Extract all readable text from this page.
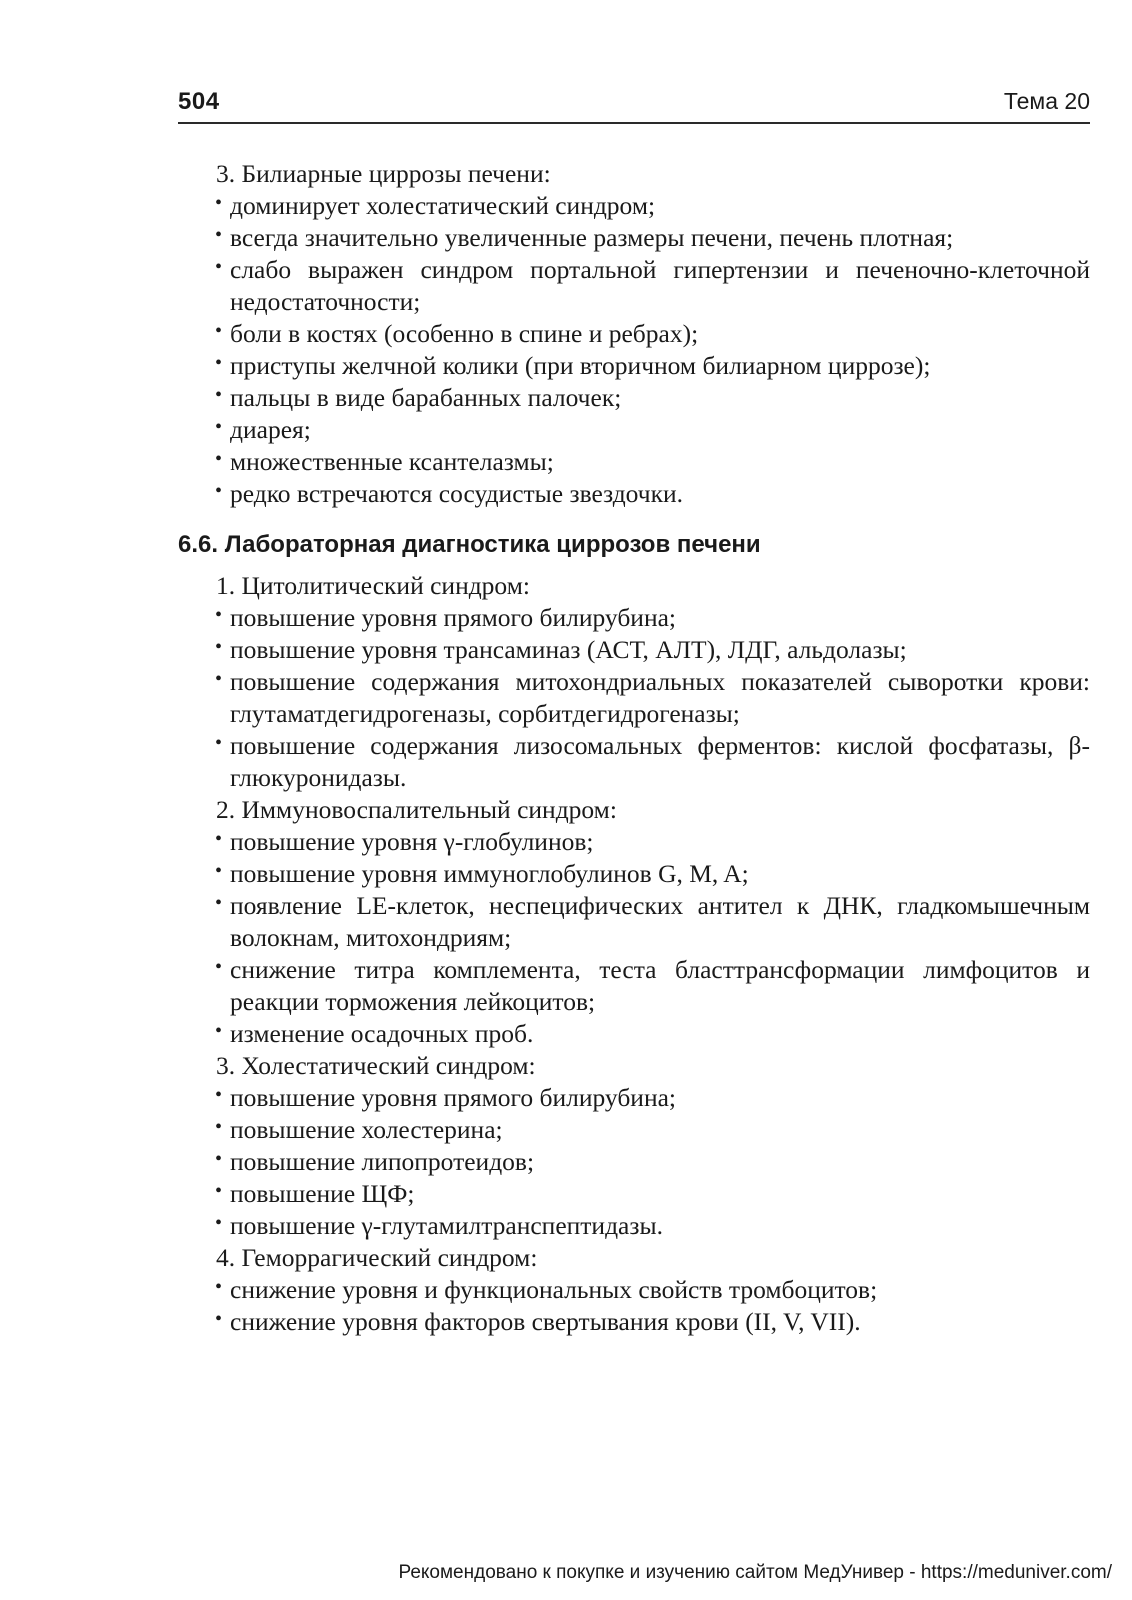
504	Тема 20
3. Билиарные циррозы печени:
• доминирует холестатический синдром;
• всегда значительно увеличенные размеры печени, печень плотная;
• слабо выражен синдром портальной гипертензии и печеночно-клеточной недостаточности;
• боли в костях (особенно в спине и ребрах);
• приступы желчной колики (при вторичном билиарном циррозе);
• пальцы в виде барабанных палочек;
• диарея;
• множественные ксантелазмы;
• редко встречаются сосудистые звездочки.
6.6. Лабораторная диагностика циррозов печени
1. Цитолитический синдром:
• повышение уровня прямого билирубина;
• повышение уровня трансаминаз (АСТ, АЛТ), ЛДГ, альдолазы;
• повышение содержания митохондриальных показателей сыворотки крови: глутаматдегидрогеназы, сорбитдегидрогеназы;
• повышение содержания лизосомальных ферментов: кислой фосфатазы, β-глюкуронидазы.
2. Иммуновоспалительный синдром:
• повышение уровня γ-глобулинов;
• повышение уровня иммуноглобулинов G, M, A;
• появление LE-клеток, неспецифических антител к ДНК, гладкомышечным волокнам, митохондриям;
• снижение титра комплемента, теста бласттрансформации лимфоцитов и реакции торможения лейкоцитов;
• изменение осадочных проб.
3. Холестатический синдром:
• повышение уровня прямого билирубина;
• повышение холестерина;
• повышение липопротеидов;
• повышение ЩФ;
• повышение γ-глутамилтранспептидазы.
4. Геморрагический синдром:
• снижение уровня и функциональных свойств тромбоцитов;
• снижение уровня факторов свертывания крови (II, V, VII).
Рекомендовано к покупке и изучению сайтом МедУнивер - https://meduniver.com/
